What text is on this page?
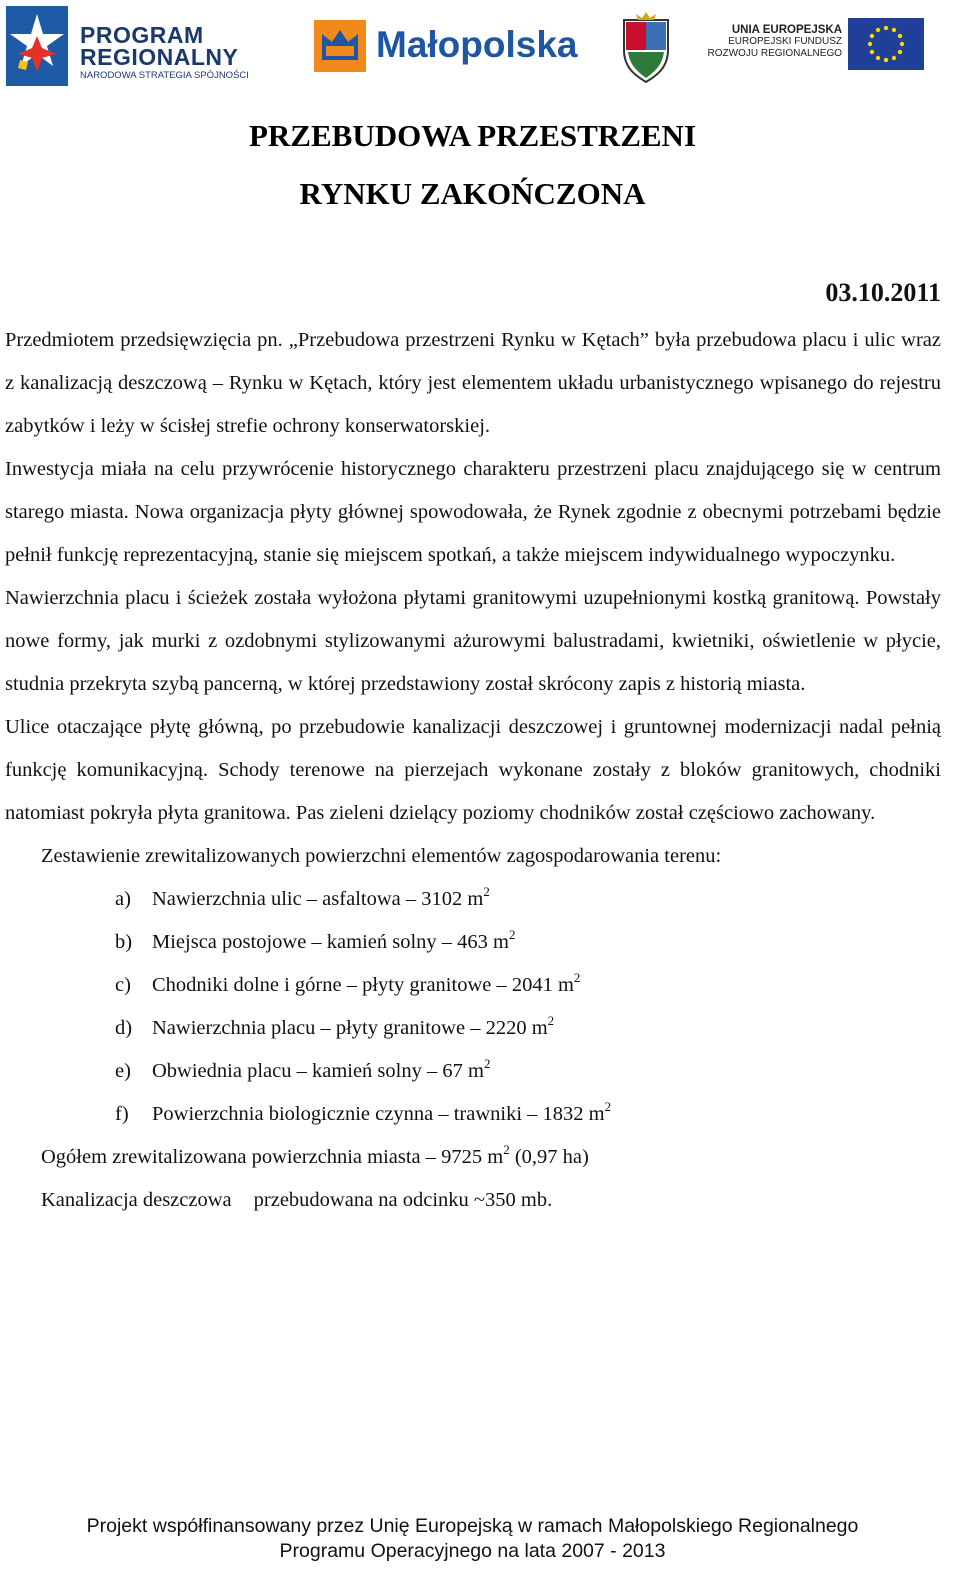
PROGRAM
REGIONALNY
NARODOWA STRATEGIA SPÓJNOŚCI
Małopolska	UNIA EUROPEJSKA
EUROPEJSKI FUNDUSZ
ROZWOJU REGIONALNEGO
PRZEBUDOWA PRZESTRZENI
RYNKU ZAKOŃCZONA
03.10.2011

Przedmiotem przedsięwzięcia pn. „Przebudowa przestrzeni Rynku w Kętach” była przebudowa placu i ulic wraz z kanalizacją deszczową – Rynku w Kętach, który jest elementem układu urbanistycznego wpisanego do rejestru zabytków i leży w ścisłej strefie ochrony konserwatorskiej.

Inwestycja miała na celu przywrócenie historycznego charakteru przestrzeni placu znajdującego się w centrum starego miasta. Nowa organizacja płyty głównej spowodowała, że Rynek zgodnie z obecnymi potrzebami będzie pełnił funkcję reprezentacyjną, stanie się miejscem spotkań, a także miejscem indywidualnego wypoczynku.

Nawierzchnia placu i ścieżek została wyłożona płytami granitowymi uzupełnionymi kostką granitową. Powstały nowe formy, jak murki z ozdobnymi stylizowanymi ażurowymi balustradami, kwietniki, oświetlenie w płycie, studnia przekryta szybą pancerną, w której przedstawiony został skrócony zapis z historią miasta.

Ulice otaczające płytę główną, po przebudowie kanalizacji deszczowej i gruntownej modernizacji nadal pełnią funkcję komunikacyjną. Schody terenowe na pierzejach wykonane zostały z bloków granitowych, chodniki natomiast pokryła płyta granitowa. Pas zieleni dzielący poziomy chodników został częściowo zachowany.

Zestawienie zrewitalizowanych powierzchni elementów zagospodarowania terenu:

a) Nawierzchnia ulic – asfaltowa – 3102 $m^2$
b) Miejsca postojowe – kamień solny – 463 $m^2$
c) Chodniki dolne i górne – płyty granitowe – 2041 $m^2$
d) Nawierzchnia placu – płyty granitowe – 2220 $m^2$
e) Obwiednia placu – kamień solny – 67 $m^2$
f) Powierzchnia biologicznie czynna – trawniki – 1832 $m^2$

Ogółem zrewitalizowana powierzchnia miasta – 9725 $m^2$ (0,97 ha)

Kanalizacja deszczowa przebudowana na odcinku ~350 mb.

Projekt współfinansowany przez Unię Europejską w ramach Małopolskiego Regionalnego
Programu Operacyjnego na lata 2007 - 2013
